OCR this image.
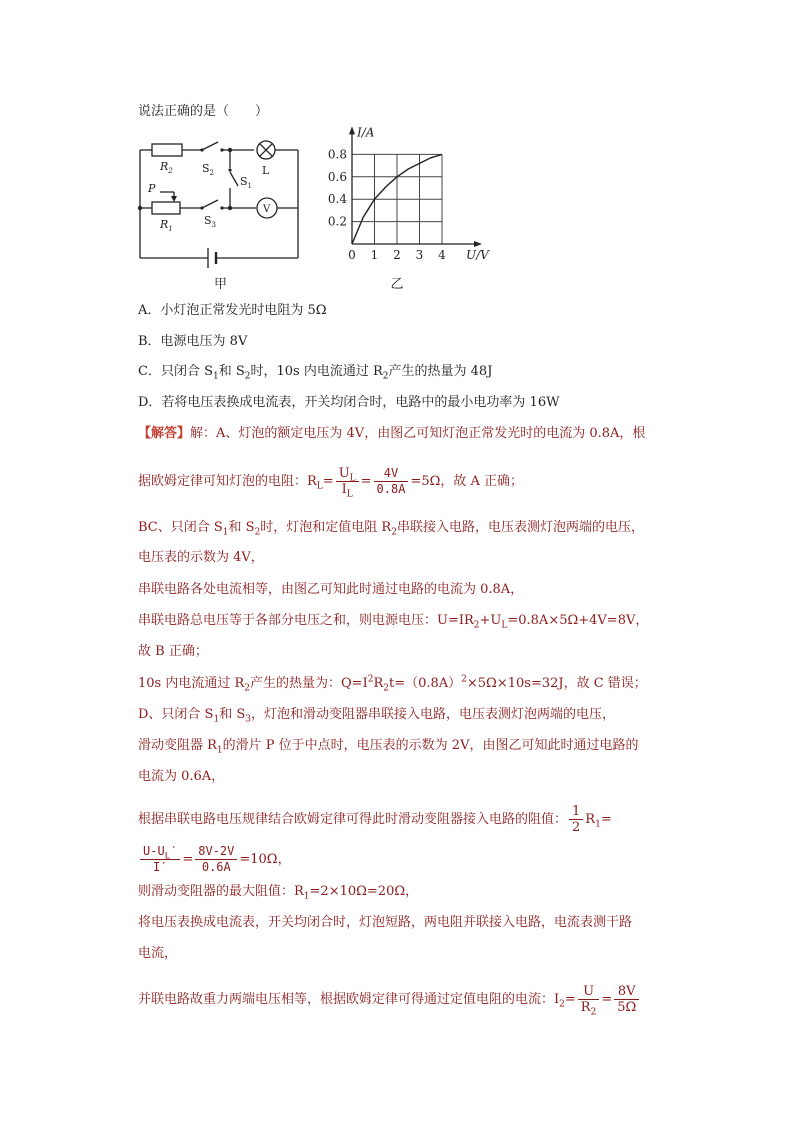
说法正确的是（　　）
$R_2$	$S_2$	L
$S_1$
P
$R_1$
$S_3$
V
甲
0 1 2 3 4
0.2
0.4
0.6
0.8
U/V
I/A
乙
A．小灯泡正常发光时电阻为 5Ω
B．电源电压为 8V
C．只闭合 $S_1$和 $S_2$时，10s 内电流通过 $R_2$产生的热量为 48J
D．若将电压表换成电流表，开关均闭合时，电路中的最小电功率为 16W
【解答】解：A、灯泡的额定电压为 4V，由图乙可知灯泡正常发光时的电流为 0.8A，根
据欧姆定律可知灯泡的电阻：$R_L= \frac{U_L}{I_L} = \frac{4V}{0.8A} =5\Omega$，故 A 正确；
BC、只闭合 $S_1$和 $S_2$时，灯泡和定值电阻 $R_2$串联接入电路，电压表测灯泡两端的电压，
电压表的示数为 4V，
串联电路各处电流相等，由图乙可知此时通过电路的电流为 0.8A，
串联电路总电压等于各部分电压之和，则电源电压：$U=IR_2+U_L=0.8A\times 5\Omega+4V=8V$，
故 B 正确；
10s 内电流通过 $R_2$产生的热量为：$Q=I^2R_2t=(0.8A)^2\times 5\Omega\times 10s=32J$，故 C 错误；
D、只闭合 $S_1$和 $S_3$，灯泡和滑动变阻器串联接入电路，电压表测灯泡两端的电压，
滑动变阻器 $R_1$的滑片 P 位于中点时，电压表的示数为 2V，由图乙可知此时通过电路的
电流为 0.6A，
根据串联电路电压规律结合欧姆定律可得此时滑动变阻器接入电路的阻值： $\frac{1}{2} R_1=$
$\frac{U-U_L'}{I'} = \frac{8V-2V}{0.6A} =10\Omega$，
则滑动变阻器的最大阻值：$R_1=2\times 10\Omega=20\Omega$，
将电压表换成电流表，开关均闭合时，灯泡短路，两电阻并联接入电路，电流表测干路
电流，
并联电路故重力两端电压相等，根据欧姆定律可得通过定值电阻的电流：$I_2= \frac{U}{R_2} = \frac{8V}{5\Omega}$
